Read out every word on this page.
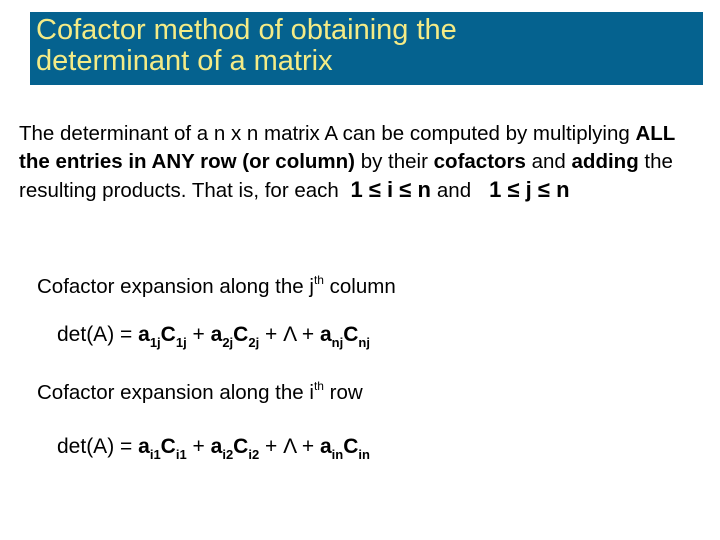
Cofactor method of obtaining the
determinant of a matrix
The determinant of a n x n matrix A can be computed by multiplying ALL the entries in ANY row (or column) by their cofactors and adding the resulting products. That is, for each 1 ≤ i ≤ n and 1 ≤ j ≤ n
Cofactor expansion along the $j^{th}$ column
$\det(A) = a_{1j}C_{1j} + a_{2j}C_{2j} + \Lambda + a_{nj}C_{nj}$
Cofactor expansion along the $i^{th}$ row
$\det(A) = a_{i1}C_{i1} + a_{i2}C_{i2} + \Lambda + a_{in}C_{in}$
